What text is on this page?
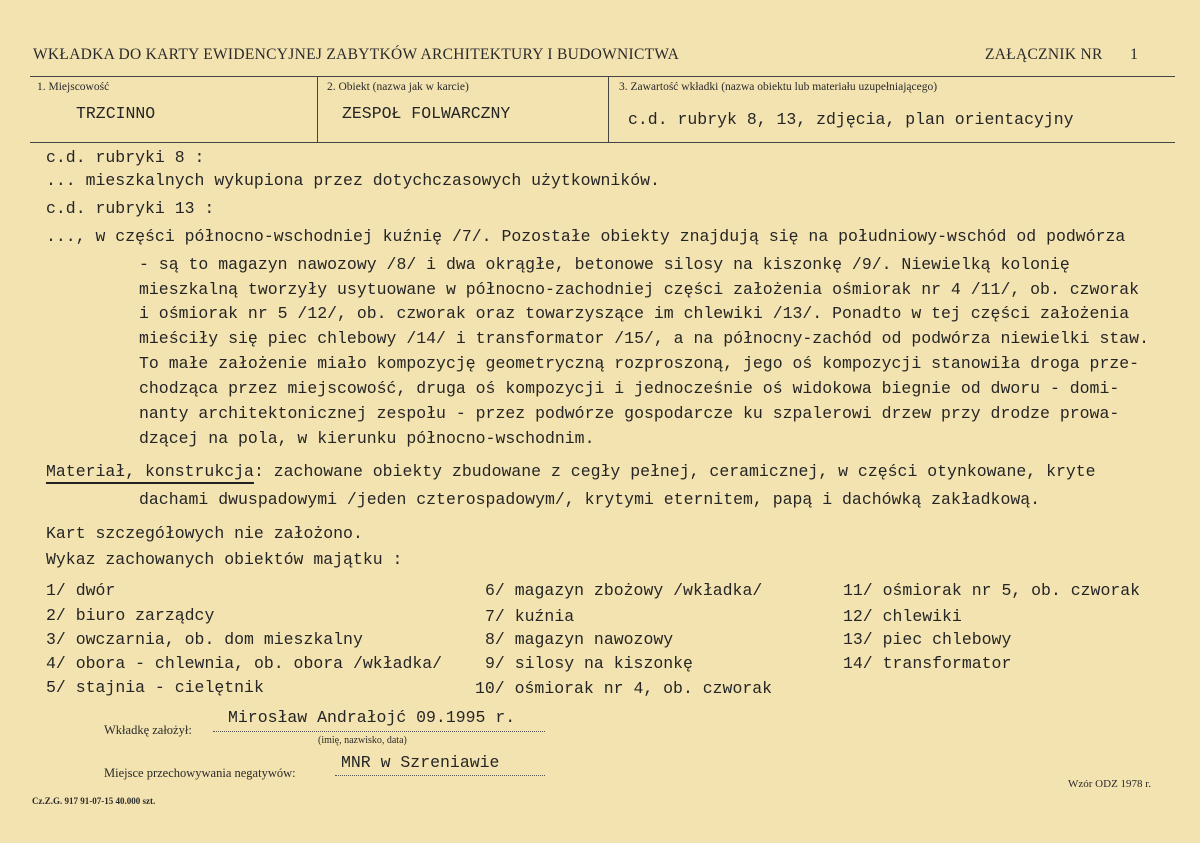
WKŁADKA DO KARTY EWIDENCYJNEJ ZABYTKÓW ARCHITEKTURY I BUDOWNICTWA	ZAŁĄCZNIK NR 1
1. Miejscowość
TRZCINNO
2. Obiekt (nazwa jak w karcie)
ZESPOŁ FOLWARCZNY
3. Zawartość wkładki (nazwa obiektu lub materiału uzupełniającego)
c.d. rubryk 8, 13, zdjęcia, plan orientacyjny
c.d. rubryki 8 :
... mieszkalnych wykupiona przez dotychczasowych użytkowników.
c.d. rubryki 13 :
..., w części północno-wschodniej kuźnię /7/. Pozostałe obiekty znajdują się na południowy-wschód od podwórza
- są to magazyn nawozowy /8/ i dwa okrągłe, betonowe silosy na kiszonkę /9/. Niewielką kolonię
mieszkalną tworzyły usytuowane w północno-zachodniej części założenia ośmiorak nr 4 /11/, ob. czworak
i ośmiorak nr 5 /12/, ob. czworak oraz towarzyszące im chlewiki /13/. Ponadto w tej części założenia
mieściły się piec chlebowy /14/ i transformator /15/, a na północny-zachód od podwórza niewielki staw.
To małe założenie miało kompozycję geometryczną rozproszoną, jego oś kompozycji stanowiła droga prze-
chodząca przez miejscowość, druga oś kompozycji i jednocześnie oś widokowa biegnie od dworu - domi-
nanty architektonicznej zespołu - przez podwórze gospodarcze ku szpalerowi drzew przy drodze prowa-
dzącej na pola, w kierunku północno-wschodnim.
Materiał, konstrukcja: zachowane obiekty zbudowane z cegły pełnej, ceramicznej, w części otynkowane, kryte
dachami dwuspadowymi /jeden czterospadowym/, krytymi eternitem, papą i dachówką zakładkową.
Kart szczegółowych nie założono.
Wykaz zachowanych obiektów majątku :
1/ dwór
2/ biuro zarządcy
3/ owczarnia, ob. dom mieszkalny
4/ obora - chlewnia, ob. obora /wkładka/
5/ stajnia - cielętnik
6/ magazyn zbożowy /wkładka/
7/ kuźnia
8/ magazyn nawozowy
9/ silosy na kiszonkę
10/ ośmiorak nr 4, ob. czworak
11/ ośmiorak nr 5, ob. czworak
12/ chlewiki
13/ piec chlebowy
14/ transformator
Wkładkę założył:
Mirosław Andrałojć 09.1995 r.
(imię, nazwisko, data)
Miejsce przechowywania negatywów:
MNR w Szreniawie
Cz.Z.G. 917 91-07-15 40.000 szt.
Wzór ODZ 1978 r.
